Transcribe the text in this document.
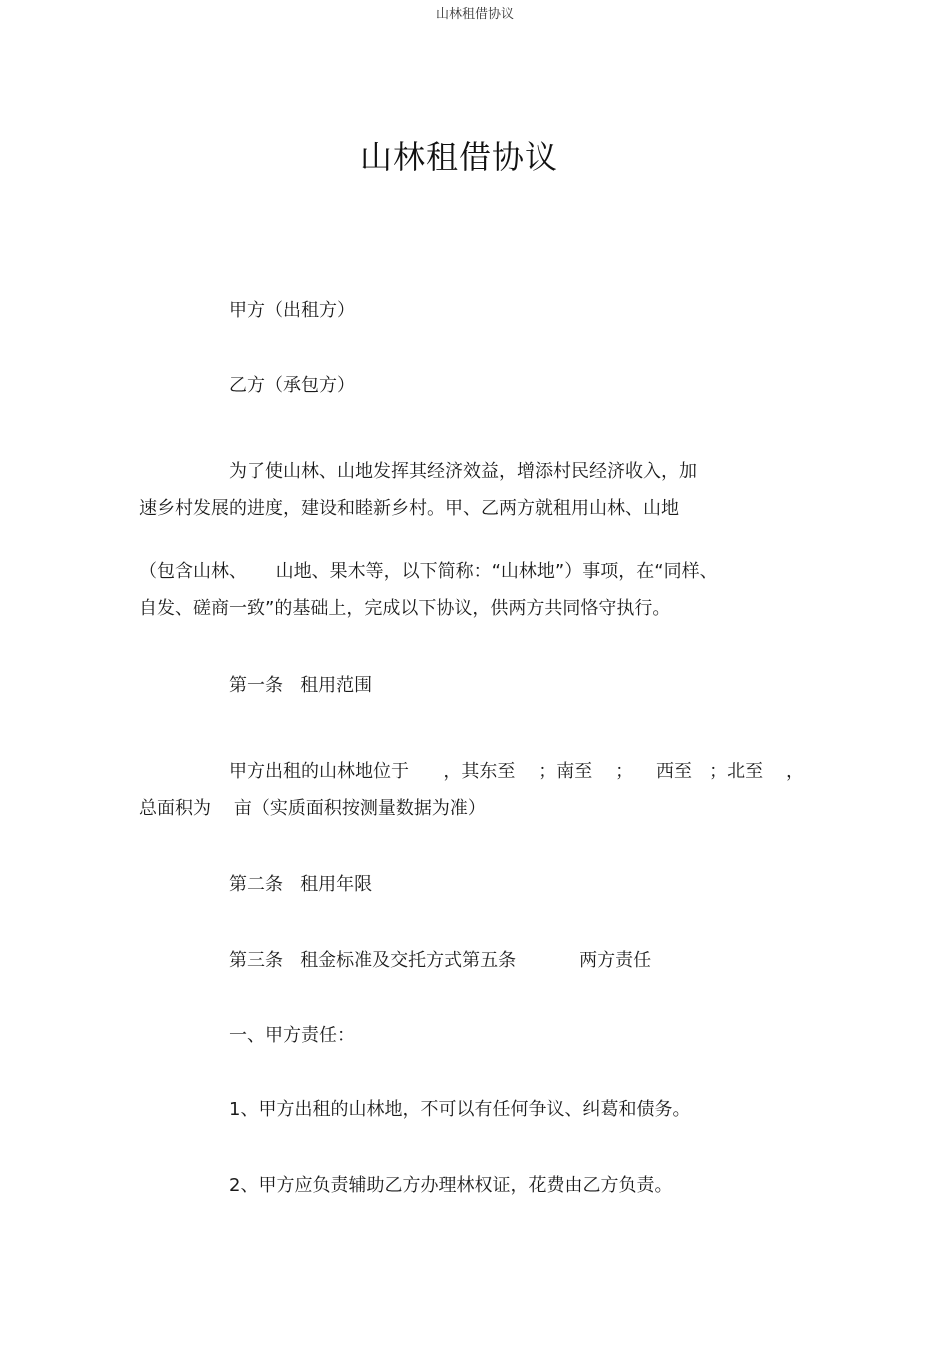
山林租借协议
山林租借协议
甲方（出租方）
乙方（承包方）
为了使山林、山地发挥其经济效益，增添村民经济收入，加
速乡村发展的进度，建设和睦新乡村。甲、乙两方就租用山林、山地
（包含山林、     山地、果木等，以下简称：“山林地”）事项，在“同样、
自发、磋商一致”的基础上，完成以下协议，供两方共同恪守执行。
第一条   租用范围
甲方出租的山林地位于      ，其东至    ；南至    ；    西至   ；北至    ，
总面积为    亩（实质面积按测量数据为准）
第二条   租用年限
第三条   租金标准及交托方式第五条           两方责任
一、甲方责任：
1、甲方出租的山林地，不可以有任何争议、纠葛和债务。
2、甲方应负责辅助乙方办理林权证，花费由乙方负责。
